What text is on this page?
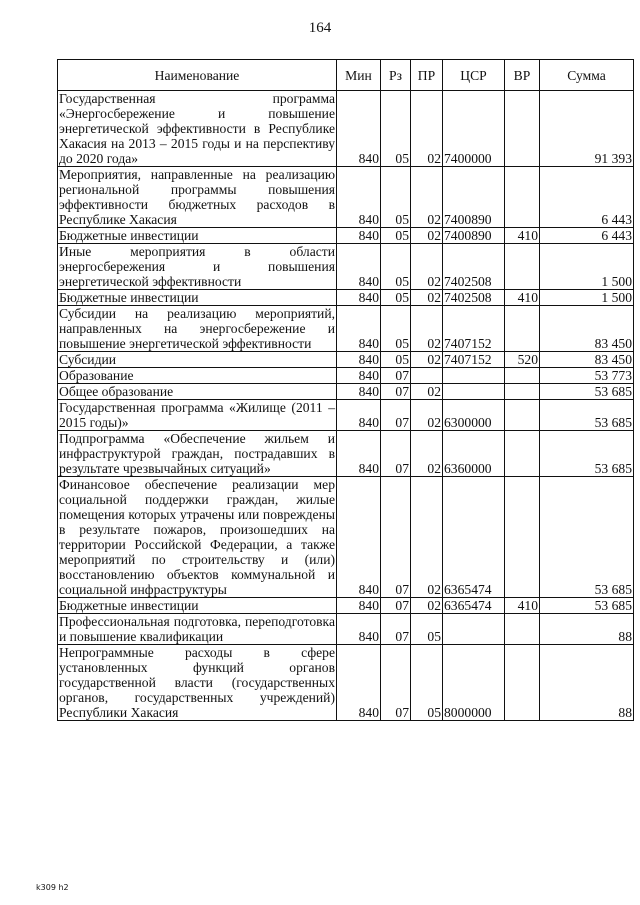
164
Наименование	Мин	Рз	ПР	ЦСР	ВР	Сумма
Государственная программа «Энергосбережение и повышение энергетической эффективности в Республике Хакасия на 2013 – 2015 годы и на перспективу до 2020 года»	840	05	02	7400000		91 393
Мероприятия, направленные на реализацию региональной программы повышения эффективности бюджетных расходов в Республике Хакасия	840	05	02	7400890		6 443
Бюджетные инвестиции	840	05	02	7400890	410	6 443
Иные мероприятия в области энергосбережения и повышения энергетической эффективности	840	05	02	7402508		1 500
Бюджетные инвестиции	840	05	02	7402508	410	1 500
Субсидии на реализацию мероприятий, направленных на энергосбережение и повышение энергетической эффективности	840	05	02	7407152		83 450
Субсидии	840	05	02	7407152	520	83 450
Образование	840	07				53 773
Общее образование	840	07	02			53 685
Государственная программа «Жилище (2011 – 2015 годы)»	840	07	02	6300000		53 685
Подпрограмма «Обеспечение жильем и инфраструктурой граждан, пострадавших в результате чрезвычайных ситуаций»	840	07	02	6360000		53 685
Финансовое обеспечение реализации мер социальной поддержки граждан, жилые помещения которых утрачены или повреждены в результате пожаров, произошедших на территории Российской Федерации, а также мероприятий по строительству и (или) восстановлению объектов коммунальной и социальной инфраструктуры	840	07	02	6365474		53 685
Бюджетные инвестиции	840	07	02	6365474	410	53 685
Профессиональная подготовка, переподготовка и повышение квалификации	840	07	05			88
Непрограммные расходы в сфере установленных функций органов государственной власти (государственных органов, государственных учреждений) Республики Хакасия	840	07	05	8000000		88
k309 h2
